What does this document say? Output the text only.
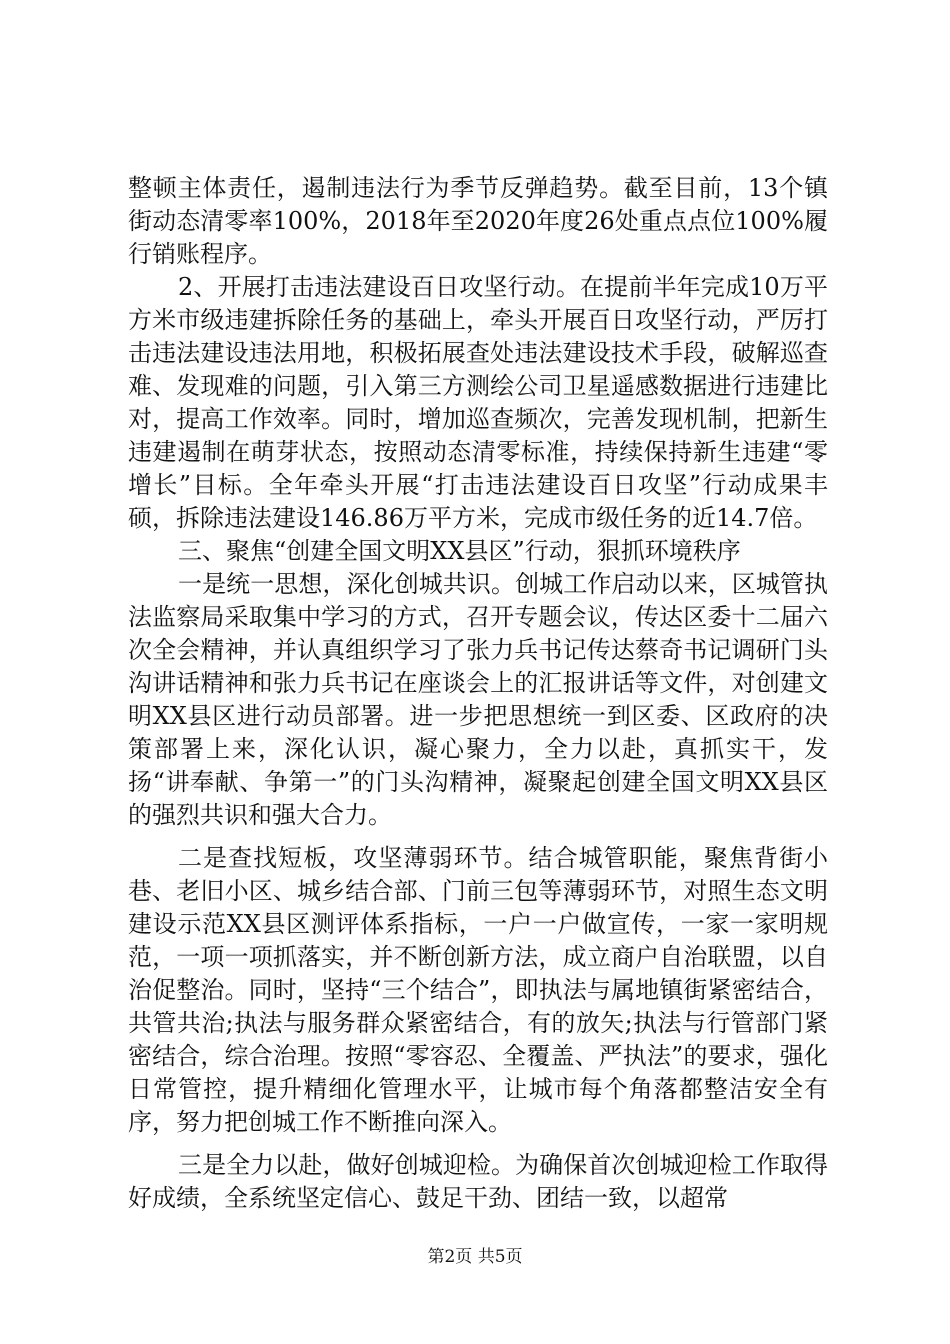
整顿主体责任，遏制违法行为季节反弹趋势。截至目前，13个镇街动态清零率100%，2018年至2020年度26处重点点位100%履行销账程序。

2、开展打击违法建设百日攻坚行动。在提前半年完成10万平方米市级违建拆除任务的基础上，牵头开展百日攻坚行动，严厉打击违法建设违法用地，积极拓展查处违法建设技术手段，破解巡查难、发现难的问题，引入第三方测绘公司卫星遥感数据进行违建比对，提高工作效率。同时，增加巡查频次，完善发现机制，把新生违建遏制在萌芽状态，按照动态清零标准，持续保持新生违建“零增长”目标。全年牵头开展“打击违法建设百日攻坚”行动成果丰硕，拆除违法建设146.86万平方米，完成市级任务的近14.7倍。

三、聚焦“创建全国文明XX县区”行动，狠抓环境秩序

一是统一思想，深化创城共识。创城工作启动以来，区城管执法监察局采取集中学习的方式，召开专题会议，传达区委十二届六次全会精神，并认真组织学习了张力兵书记传达蔡奇书记调研门头沟讲话精神和张力兵书记在座谈会上的汇报讲话等文件，对创建文明XX县区进行动员部署。进一步把思想统一到区委、区政府的决策部署上来，深化认识，凝心聚力，全力以赴，真抓实干，发扬“讲奉献、争第一”的门头沟精神，凝聚起创建全国文明XX县区的强烈共识和强大合力。

二是查找短板，攻坚薄弱环节。结合城管职能，聚焦背街小巷、老旧小区、城乡结合部、门前三包等薄弱环节，对照生态文明建设示范XX县区测评体系指标，一户一户做宣传，一家一家明规范，一项一项抓落实，并不断创新方法，成立商户自治联盟，以自治促整治。同时，坚持“三个结合”，即执法与属地镇街紧密结合，共管共治;执法与服务群众紧密结合，有的放矢;执法与行管部门紧密结合，综合治理。按照“零容忍、全覆盖、严执法”的要求，强化日常管控，提升精细化管理水平，让城市每个角落都整洁安全有序，努力把创城工作不断推向深入。

三是全力以赴，做好创城迎检。为确保首次创城迎检工作取得好成绩，全系统坚定信心、鼓足干劲、团结一致，以超常

第2页 共5页
